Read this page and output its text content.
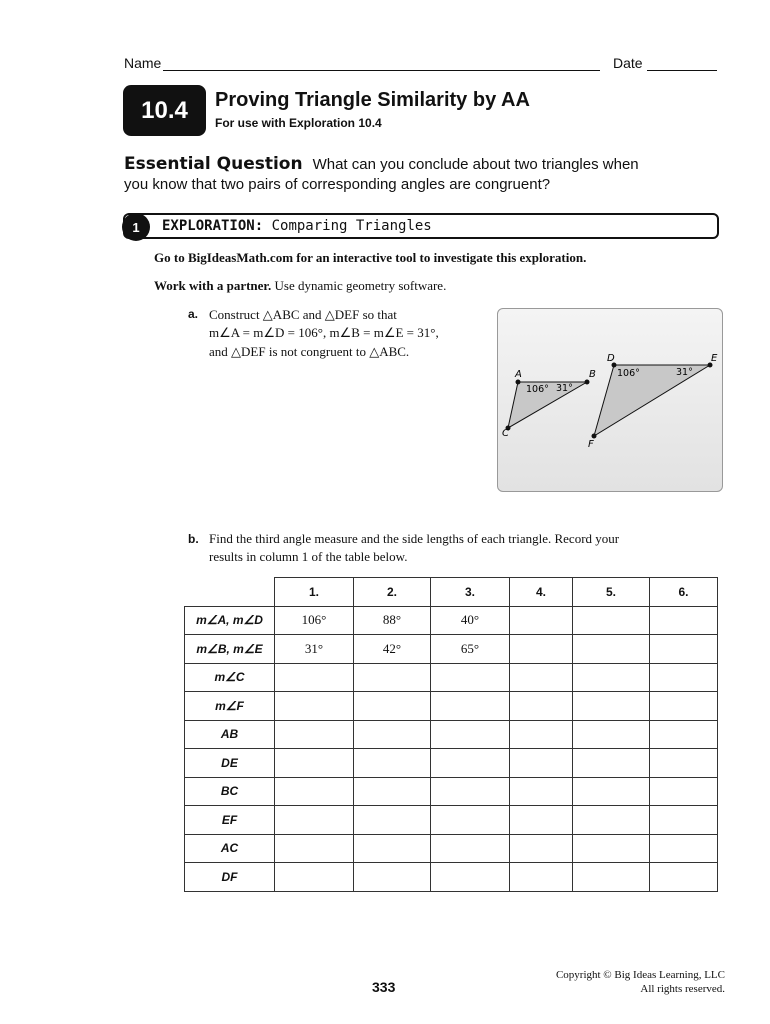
Name	Date
10.4	Proving Triangle Similarity by AA
For use with Exploration 10.4
Essential Question What can you conclude about two triangles when you know that two pairs of corresponding angles are congruent?
1	EXPLORATION: Comparing Triangles
Go to BigIdeasMath.com for an interactive tool to investigate this exploration.
Work with a partner. Use dynamic geometry software.
a. Construct △ABC and △DEF so that
m∠A = m∠D = 106°, m∠B = m∠E = 31°,
and △DEF is not congruent to △ABC.
A	B
C
D	E
F
106° 31°
106°	31°
b. Find the third angle measure and the side lengths of each triangle. Record your
results in column 1 of the table below.
	1.	2.	3.	4.	5.	6.
m∠A, m∠D	106°	88°	40°			
m∠B, m∠E	31°	42°	65°			
m∠C						
m∠F						
AB						
DE						
BC						
EF						
AC						
DF						
333
Copyright © Big Ideas Learning, LLC
All rights reserved.
